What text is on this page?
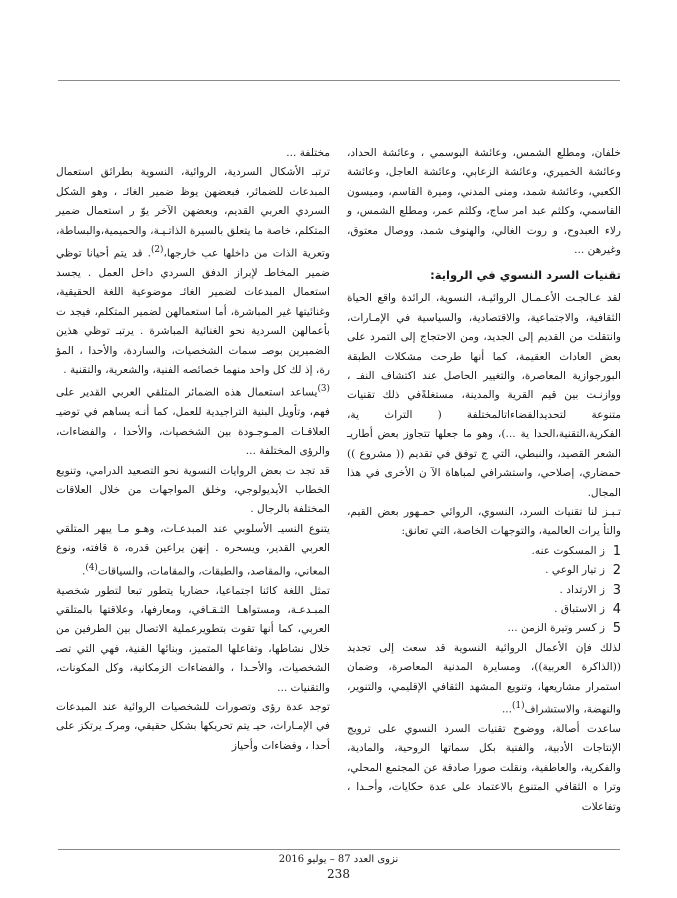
خلفان، ومطلع الشمس، وعائشة البوسمي ، وعائشة الحداد، وعائشة الخميري، وعائشة الزعابي، وعائشة العاجل، وعائشة الكعبي، وعائشة شمد، ومنى المدني، وميرة القاسم، وميسون القاسمي، وكلثم عبد امر ساج، وكلثم عمر، ومطلع الشمس، و رلاء العبدوح، و روت الغالي، والهنوف شمد، ووصال معتوق، وغيرهن ...

تقنيات السرد النسوي في الرواية:

لقد عـالجـت الأعـمـال الروائيـة، النسوية، الرائدة واقع الحياة الثقافية، والاجتماعية، والاقتصادية، والسياسية في الإمـارات، وانتقلت من القديم إلى الجديد، ومن الاحتجاج إلى التمرد على بعض العادات العقيمة، كما أنها طرحت مشكلات الطبقة البورجوازية المعاصرة، والتغيير الحاصل عند اكتشاف النفـ ، ووازنـت بين قيم القرية والمدينة، مستغلةًفي ذلك تقنيات متنوعة لتحديدالفضاءاتالمختلفة ( التراث ية، الفكرية،التقنية،الحدا ية ...)، وهو ما جعلها تتجاوز بعض أطاريـ الشعر القصيد، والنبطي، التي ج توفق في تقديم (( مشروع )) حمضاري، إصلاحي، واستشرافي لمباهاة الآ ن الأخرى في هذا المجال.

تـبـز لنا تقنيات السرد، النسوي، الروائي حمـهور بعض القيم، والتأ يرات العالمية، والتوجهات الخاصة، التي تعانق:

1
ز المسكوت عنه.
2
ز تيار الوعي .
3
ز الارتداد .
4
ز الاستباق .
5
ز كسر وتيرة الزمن ...

لذلك فإن الأعمال الروائية النسوية قد سعت إلى تجديد ((الذاكرة العربية))، ومسايرة المدنية المعاصرة، وضمان استمرار مشاريعها، وتنويع المشهد الثقافي الإقليمي، والتنوير، والنهضة، والاستشراف$^{(1)}$...

ساعدت أصالة، ووضوح تقنيات السرد النسوي على ترويج الإنتاجات الأدبية، والفنية بكل سماتها الروحية، والمادية، والفكرية، والعاطفية، ونقلت صورا صادقة عن المجتمع المحلي، وترا ه الثقافي المتنوع بالاعتماد على عدة حكايات، وأحـدا ، وتفاعلات

مختلفة ...

ترتبـ الأشكال السردية، الروائية، النسوية بطرائق استعمال المبدعات للضمائر، فبعضهن يوظ ضمير الغائـ ، وهو الشكل السردي العربي القديم، وبعضهن الآخر يوّ ر استعمال ضمير المتكلم، خاصة ما يتعلق بالسيرة الذاتـيـة، والحميمية،والبساطة، وتعرية الذات من داخلها عب خارجها،$^{(2)}$. قد يتم أحيانا توظي ضمير المخاطـ لإبراز الدفق السردي داخل العمل . يجسد استعمال المبدعات لضمير الغائـ موضوعية اللغة الحقيقية، وغنائيتها غير المباشرة، أما استعمالهن لضمير المتكلم، فيجد ت بأعمالهن السردية نحو الغنائية المباشرة . يرتبـ توظي هذين الضميرين بوصـ سمات الشخصيات، والساردة، والأحدا ، المؤ رة، إذ لك كل واحد منهما خصائصه الفنية، والشعرية، والتقنية .

$^{(3)}$يساعد استعمال هذه الضمائر المتلقي العربي القدير على فهم، وتأويل البنية التراجيدية للعمل، كما أنـه يساهم في توضيـ العلاقـات المـوجـودة بين الشخصيات، والأحدا ، والفضاءات، والرؤى المختلفة ...

قد تجد ت بعض الروايات النسوية نحو التصعيد الدرامي، وتنويع الخطاب الأيديولوجي، وخلق المواجهات من خلال العلاقات المختلفة بالرجال .

يتنوع النسيـ الأسلوبي عند المبدعـات، وهـو مـا يبهر المتلقي العربي القدير، ويسحره . إنهن يراعين قدره، ة قافته، ونوع المعاني، والمقاصد، والطبقات، والمقامات، والسياقات$^{(4)}$.

تمثل اللغة كائنا اجتماعيا، حضاريا يتطور تبعا لتطور شخصية المبـدعـة، ومستواهـا الثـقـافي، ومعارفها، وعلاقتها بالمتلقي العربي، كما أنها تقوت بتطويرعملية الاتصال بين الطرفين من خلال نشاطها، وتفاعلها المتميز، وبنائها الفنية، فهي التي تصـ الشخصيات، والأحـدا ، والفضاءات الزمكانية، وكل المكونات، والتقنيات ...

توجد عدة رؤى وتصورات للشخصيات الروائية عند المبدعات في الإمـارات، حيـ يتم تحريكها بشكل حقيقي، ومركـ يرتكز على أحدا ، وفضاءات وأحياز

نزوى العدد 87 – يوليو 2016
238
